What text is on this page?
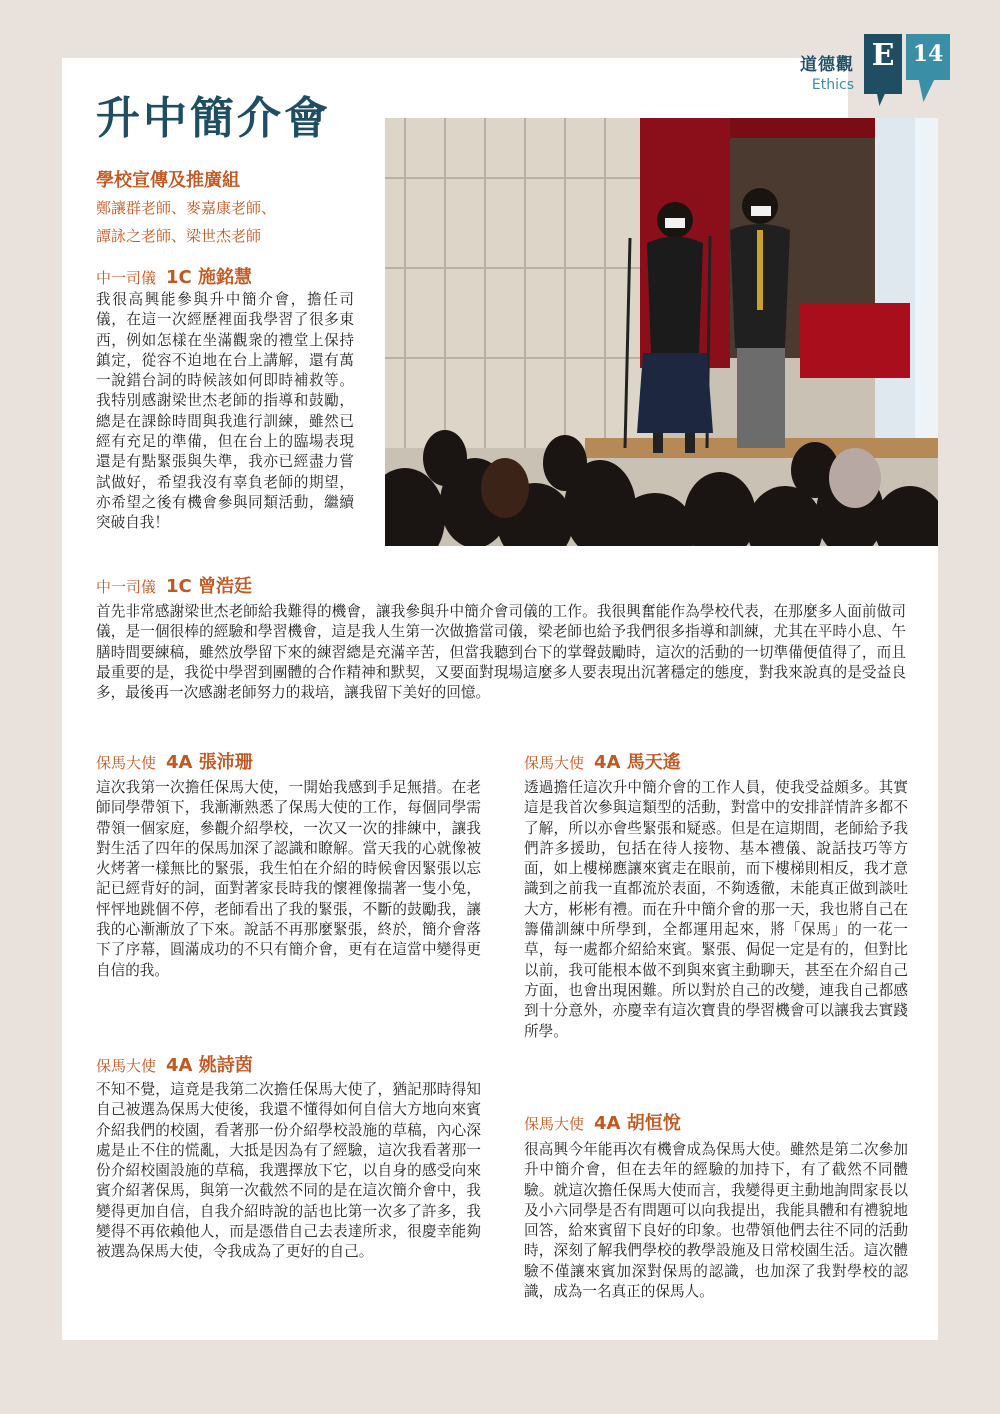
道德觀
Ethics
E 14
升中簡介會
學校宣傳及推廣組
鄭讓群老師、麥嘉康老師、
譚詠之老師、梁世杰老師
中一司儀 1C 施銘慧

我很高興能參與升中簡介會，擔任司儀，在這一次經歷裡面我學習了很多東西，例如怎樣在坐滿觀衆的禮堂上保持鎮定，從容不迫地在台上講解，還有萬一說錯台詞的時候該如何即時補救等。我特別感謝梁世杰老師的指導和鼓勵，總是在課餘時間與我進行訓練，雖然已經有充足的準備，但在台上的臨場表現還是有點緊張與失準，我亦已經盡力嘗試做好，希望我沒有辜負老師的期望，亦希望之後有機會參與同類活動，繼續突破自我！

中一司儀 1C 曾浩廷

首先非常感謝梁世杰老師給我難得的機會，讓我參與升中簡介會司儀的工作。我很興奮能作為學校代表，在那麼多人面前做司儀，是一個很棒的經驗和學習機會，這是我人生第一次做擔當司儀，梁老師也給予我們很多指導和訓練，尤其在平時小息、午膳時間要練稿，雖然放學留下來的練習總是充滿辛苦，但當我聽到台下的掌聲鼓勵時，這次的活動的一切準備便值得了，而且最重要的是，我從中學習到團體的合作精神和默契，又要面對現場這麼多人要表現出沉著穩定的態度，對我來說真的是受益良多，最後再一次感謝老師努力的栽培，讓我留下美好的回憶。

保馬大使 4A 張沛珊

這次我第一次擔任保馬大使，一開始我感到手足無措。在老師同學帶領下，我漸漸熟悉了保馬大使的工作，每個同學需帶領一個家庭，參觀介紹學校，一次又一次的排練中，讓我對生活了四年的保馬加深了認識和瞭解。當天我的心就像被火烤著一樣無比的緊張，我生怕在介紹的時候會因緊張以忘記已經背好的詞，面對著家長時我的懷裡像揣著一隻小兔，怦怦地跳個不停，老師看出了我的緊張，不斷的鼓勵我，讓我的心漸漸放了下來。說話不再那麼緊張，終於，簡介會落下了序幕，圓滿成功的不只有簡介會，更有在這當中變得更自信的我。

保馬大使 4A 姚詩茵

不知不覺，這竟是我第二次擔任保馬大使了，猶記那時得知自己被選為保馬大使後，我還不懂得如何自信大方地向來賓介紹我們的校園，看著那一份介紹學校設施的草稿，內心深處是止不住的慌亂，大抵是因為有了經驗，這次我看著那一份介紹校園設施的草稿，我選擇放下它，以自身的感受向來賓介紹著保馬，與第一次截然不同的是在這次簡介會中，我變得更加自信，自我介紹時說的話也比第一次多了許多，我變得不再依賴他人，而是憑借自己去表達所求，很慶幸能夠被選為保馬大使，令我成為了更好的自己。

保馬大使 4A 馬天遙

透過擔任這次升中簡介會的工作人員，使我受益頗多。其實這是我首次參與這類型的活動，對當中的安排詳情許多都不了解，所以亦會些緊張和疑惑。但是在這期間，老師給予我們許多援助，包括在待人接物、基本禮儀、說話技巧等方面，如上樓梯應讓來賓走在眼前，而下樓梯則相反，我才意識到之前我一直都流於表面，不夠透徹，未能真正做到談吐大方，彬彬有禮。而在升中簡介會的那一天，我也將自己在籌備訓練中所學到，全都運用起來，將「保馬」的一花一草，每一處都介紹給來賓。緊張、侷促一定是有的，但對比以前，我可能根本做不到與來賓主動聊天，甚至在介紹自己方面，也會出現困難。所以對於自己的改變，連我自己都感到十分意外，亦慶幸有這次寶貴的學習機會可以讓我去實踐所學。

保馬大使 4A 胡恒悅

很高興今年能再次有機會成為保馬大使。雖然是第二次參加升中簡介會，但在去年的經驗的加持下，有了截然不同體驗。就這次擔任保馬大使而言，我變得更主動地詢問家長以及小六同學是否有問題可以向我提出，我能具體和有禮貌地回答，給來賓留下良好的印象。也帶領他們去往不同的活動時，深刻了解我們學校的教學設施及日常校園生活。這次體驗不僅讓來賓加深對保馬的認識，也加深了我對學校的認識，成為一名真正的保馬人。
